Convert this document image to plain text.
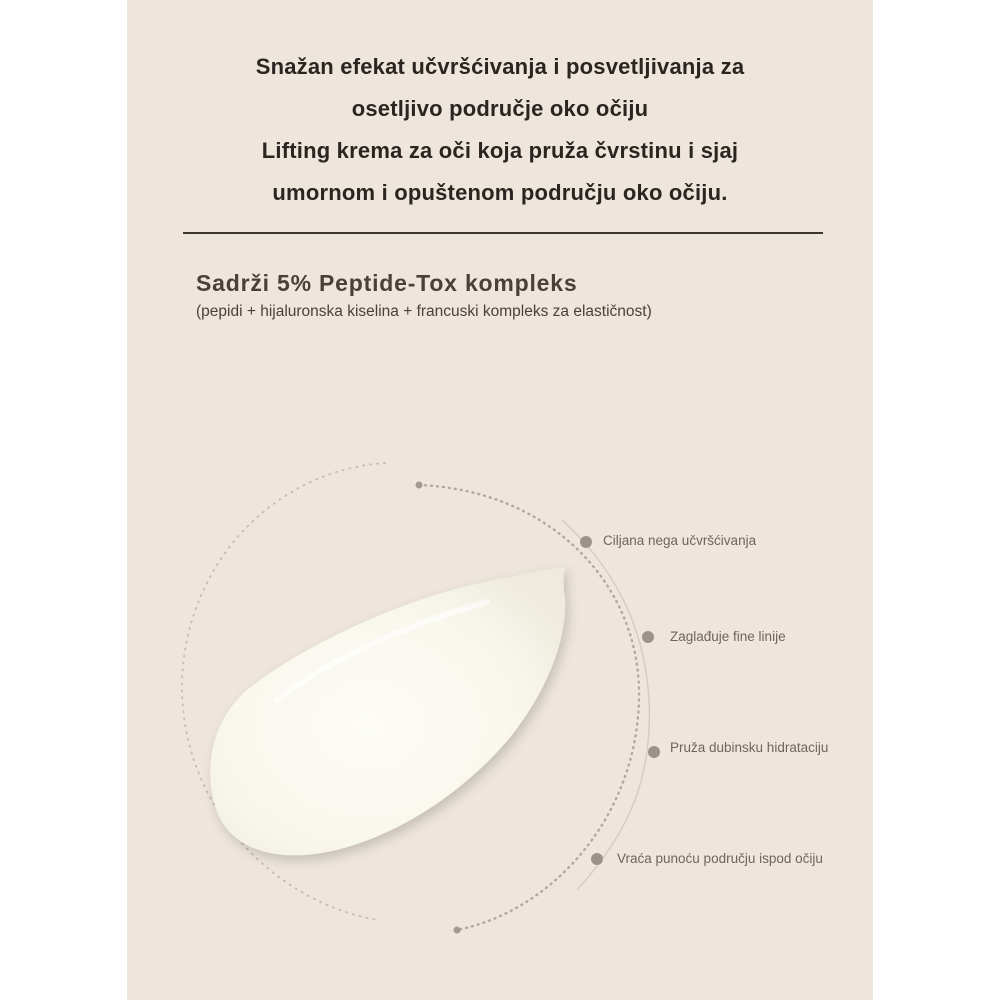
Snažan efekat učvršćivanja i posvetljivanja za
osetljivo područje oko očiju
Lifting krema za oči koja pruža čvrstinu i sjaj
umornom i opuštenom području oko očiju.
Sadrži 5% Peptide-Tox kompleks
(pepidi + hijaluronska kiselina + francuski kompleks za elastičnost)
Ciljana nega učvršćivanja
Zaglađuje fine linije
Pruža dubinsku hidrataciju
Vraća punoću području ispod očiju
